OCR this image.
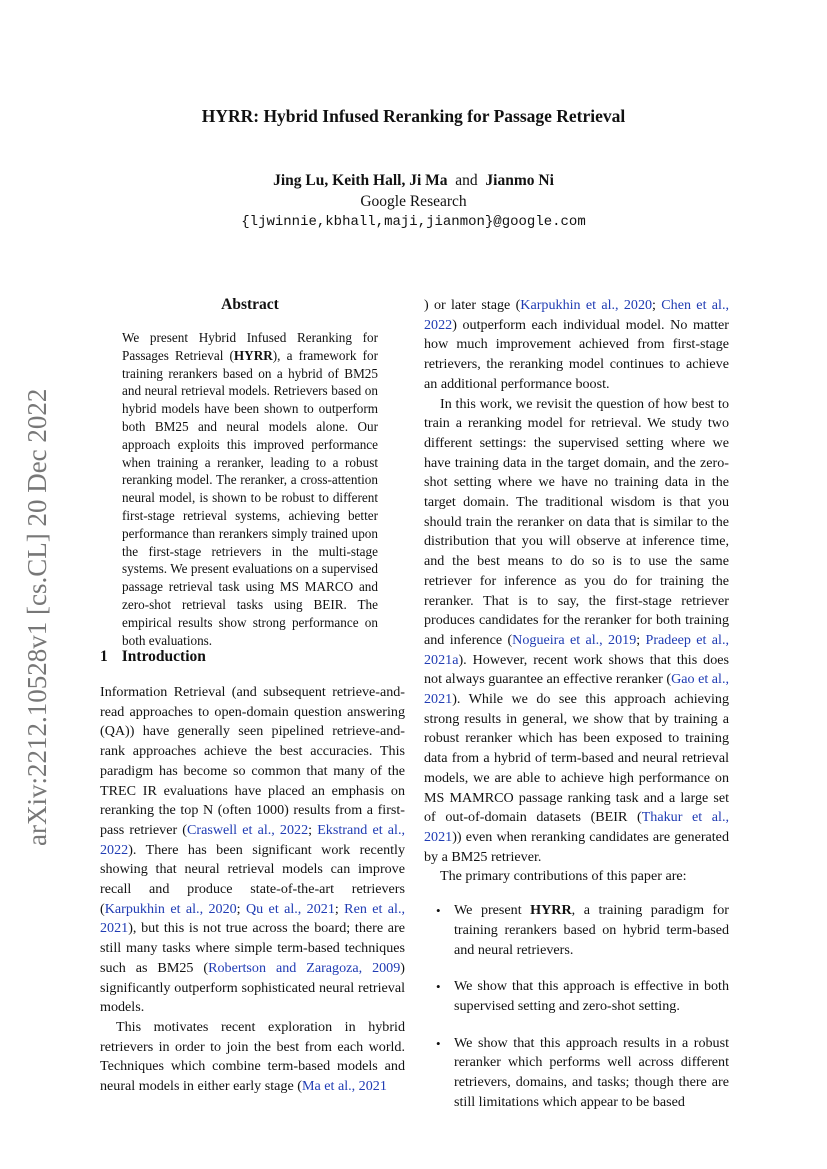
HYRR: Hybrid Infused Reranking for Passage Retrieval
Jing Lu, Keith Hall, Ji Ma and Jianmo Ni
Google Research
{ljwinnie,kbhall,maji,jianmon}@google.com
arXiv:2212.10528v1 [cs.CL] 20 Dec 2022
Abstract
We present Hybrid Infused Reranking for Passages Retrieval (HYRR), a framework for training rerankers based on a hybrid of BM25 and neural retrieval models. Retrievers based on hybrid models have been shown to outperform both BM25 and neural models alone. Our approach exploits this improved performance when training a reranker, leading to a robust reranking model. The reranker, a cross-attention neural model, is shown to be robust to different first-stage retrieval systems, achieving better performance than rerankers simply trained upon the first-stage retrievers in the multi-stage systems. We present evaluations on a supervised passage retrieval task using MS MARCO and zero-shot retrieval tasks using BEIR. The empirical results show strong performance on both evaluations.
1 Introduction

Information Retrieval (and subsequent retrieve-and-read approaches to open-domain question answering (QA)) have generally seen pipelined retrieve-and-rank approaches achieve the best accuracies. This paradigm has become so common that many of the TREC IR evaluations have placed an emphasis on reranking the top N (often 1000) results from a first-pass retriever (Craswell et al., 2022; Ekstrand et al., 2022). There has been significant work recently showing that neural retrieval models can improve recall and produce state-of-the-art retrievers (Karpukhin et al., 2020; Qu et al., 2021; Ren et al., 2021), but this is not true across the board; there are still many tasks where simple term-based techniques such as BM25 (Robertson and Zaragoza, 2009) significantly outperform sophisticated neural retrieval models.

This motivates recent exploration in hybrid retrievers in order to join the best from each world. Techniques which combine term-based models and neural models in either early stage (Ma et al., 2021

) or later stage (Karpukhin et al., 2020; Chen et al., 2022) outperform each individual model. No matter how much improvement achieved from first-stage retrievers, the reranking model continues to achieve an additional performance boost.

In this work, we revisit the question of how best to train a reranking model for retrieval. We study two different settings: the supervised setting where we have training data in the target domain, and the zero-shot setting where we have no training data in the target domain. The traditional wisdom is that you should train the reranker on data that is similar to the distribution that you will observe at inference time, and the best means to do so is to use the same retriever for inference as you do for training the reranker. That is to say, the first-stage retriever produces candidates for the reranker for both training and inference (Nogueira et al., 2019; Pradeep et al., 2021a). However, recent work shows that this does not always guarantee an effective reranker (Gao et al., 2021). While we do see this approach achieving strong results in general, we show that by training a robust reranker which has been exposed to training data from a hybrid of term-based and neural retrieval models, we are able to achieve high performance on MS MAMRCO passage ranking task and a large set of out-of-domain datasets (BEIR (Thakur et al., 2021)) even when reranking candidates are generated by a BM25 retriever.

The primary contributions of this paper are:

• We present HYRR, a training paradigm for training rerankers based on hybrid term-based and neural retrievers.
• We show that this approach is effective in both supervised setting and zero-shot setting.
• We show that this approach results in a robust reranker which performs well across different retrievers, domains, and tasks; though there are still limitations which appear to be based
